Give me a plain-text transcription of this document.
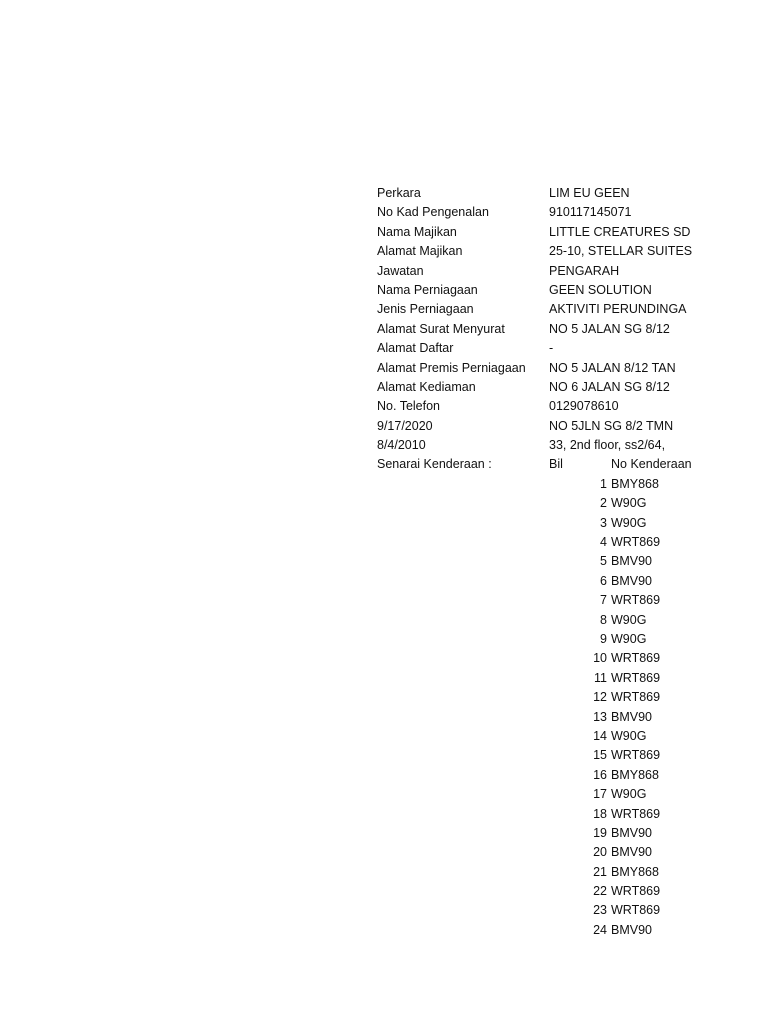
Perkara	LIM EU GEEN
No Kad Pengenalan	910117145071
Nama Majikan	LITTLE CREATURES SD
Alamat Majikan	25-10, STELLAR SUITES
Jawatan	PENGARAH
Nama Perniagaan	GEEN SOLUTION
Jenis Perniagaan	AKTIVITI PERUNDINGA
Alamat Surat Menyurat	NO 5 JALAN SG 8/12
Alamat Daftar	-
Alamat Premis Perniagaan	NO 5 JALAN 8/12 TAN
Alamat Kediaman	NO 6 JALAN SG 8/12
No. Telefon	0129078610
9/17/2020	NO 5JLN SG 8/2 TMN
8/4/2010	33, 2nd floor, ss2/64,
Senarai Kenderaan :	Bil	No Kenderaan
1 BMY868
2 W90G
3 W90G
4 WRT869
5 BMV90
6 BMV90
7 WRT869
8 W90G
9 W90G
10 WRT869
11 WRT869
12 WRT869
13 BMV90
14 W90G
15 WRT869
16 BMY868
17 W90G
18 WRT869
19 BMV90
20 BMV90
21 BMY868
22 WRT869
23 WRT869
24 BMV90
